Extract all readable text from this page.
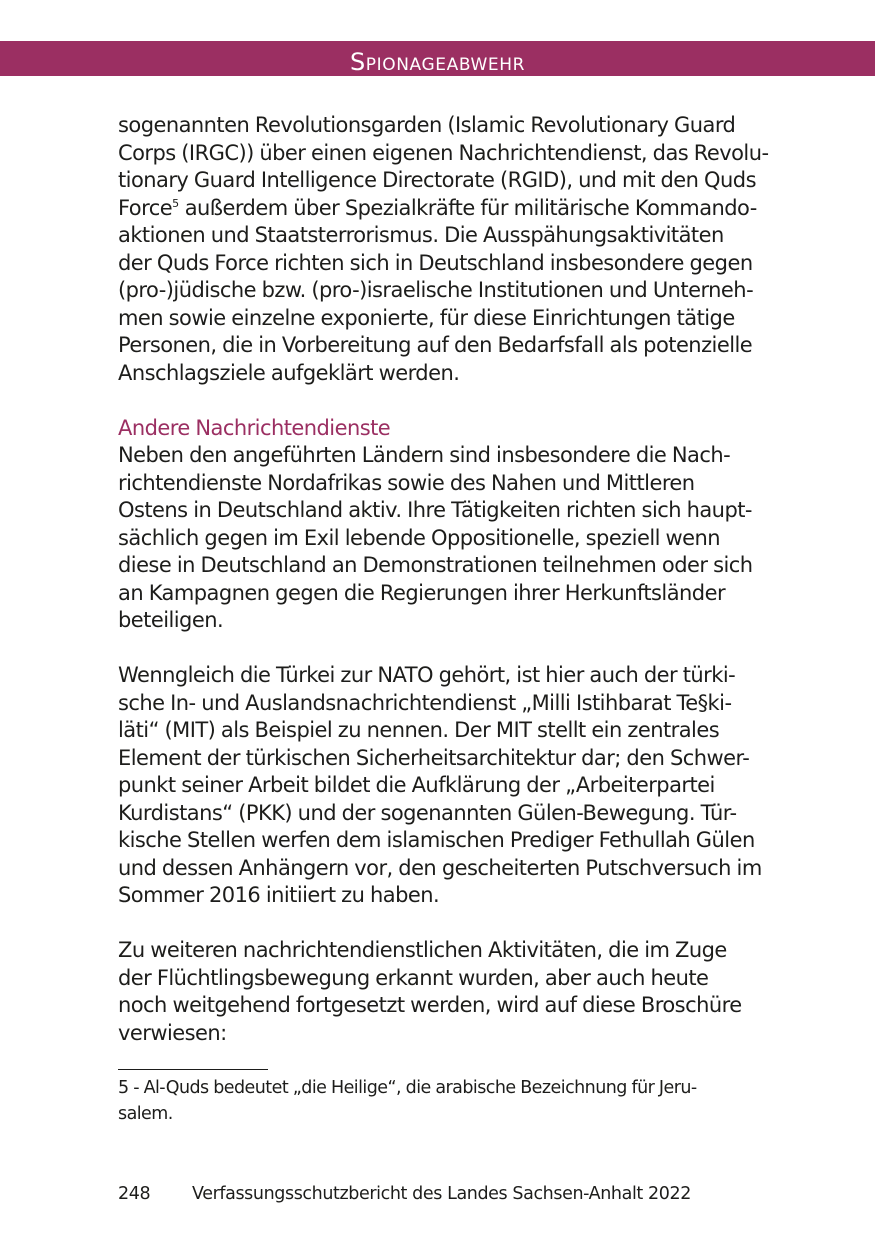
Spionageabwehr

sogenannten Revolutionsgarden (Islamic Revolutionary Guard
Corps (IRGC)) über einen eigenen Nachrichtendienst, das Revolu-
tionary Guard Intelligence Directorate (RGID), und mit den Quds
Force$^5$ außerdem über Spezialkräfte für militärische Kommando-
aktionen und Staatsterrorismus. Die Ausspähungsaktivitäten
der Quds Force richten sich in Deutschland insbesondere gegen
(pro-)jüdische bzw. (pro-)israelische Institutionen und Unterneh-
men sowie einzelne exponierte, für diese Einrichtungen tätige
Personen, die in Vorbereitung auf den Bedarfsfall als potenzielle
Anschlagsziele aufgeklärt werden.

Andere Nachrichtendienste

Neben den angeführten Ländern sind insbesondere die Nach-
richtendienste Nordafrikas sowie des Nahen und Mittleren
Ostens in Deutschland aktiv. Ihre Tätigkeiten richten sich haupt-
sächlich gegen im Exil lebende Oppositionelle, speziell wenn
diese in Deutschland an Demonstrationen teilnehmen oder sich
an Kampagnen gegen die Regierungen ihrer Herkunftsländer
beteiligen.

Wenngleich die Türkei zur NATO gehört, ist hier auch der türki-
sche In- und Auslandsnachrichtendienst „Milli Istihbarat Te§ki-
läti“ (MIT) als Beispiel zu nennen. Der MIT stellt ein zentrales
Element der türkischen Sicherheitsarchitektur dar; den Schwer-
punkt seiner Arbeit bildet die Aufklärung der „Arbeiterpartei
Kurdistans“ (PKK) und der sogenannten Gülen-Bewegung. Tür-
kische Stellen werfen dem islamischen Prediger Fethullah Gülen
und dessen Anhängern vor, den gescheiterten Putschversuch im
Sommer 2016 initiiert zu haben.

Zu weiteren nachrichtendienstlichen Aktivitäten, die im Zuge
der Flüchtlingsbewegung erkannt wurden, aber auch heute
noch weitgehend fortgesetzt werden, wird auf diese Broschüre
verwiesen:

5 - Al-Quds bedeutet „die Heilige“, die arabische Bezeichnung für Jeru-
salem.
248 Verfassungsschutzbericht des Landes Sachsen-Anhalt 2022
